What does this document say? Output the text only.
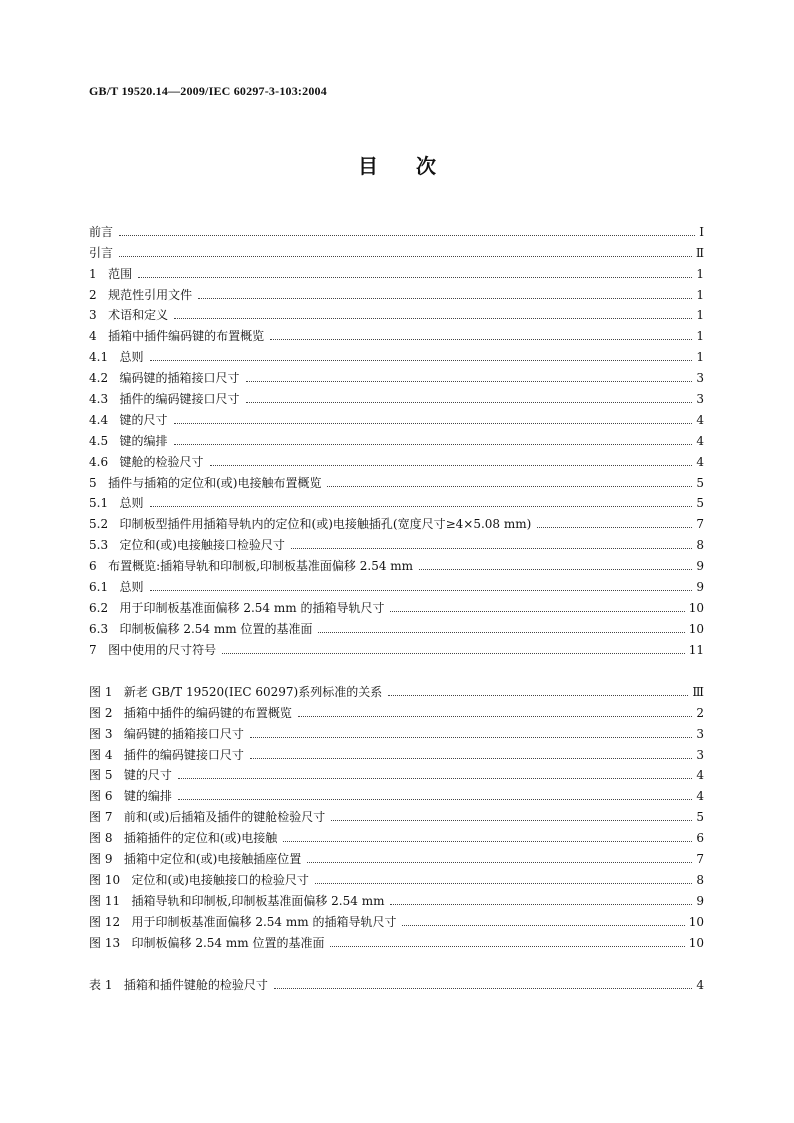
GB/T 19520.14—2009/IEC 60297-3-103:2004
目次
前言	Ⅰ
引言	Ⅱ
1 范围	1
2 规范性引用文件	1
3 术语和定义	1
4 插箱中插件编码键的布置概览	1
4.1 总则	1
4.2 编码键的插箱接口尺寸	3
4.3 插件的编码键接口尺寸	3
4.4 键的尺寸	4
4.5 键的编排	4
4.6 键舱的检验尺寸	4
5 插件与插箱的定位和(或)电接触布置概览	5
5.1 总则	5
5.2 印制板型插件用插箱导轨内的定位和(或)电接触插孔(宽度尺寸≥4×5.08 mm)	7
5.3 定位和(或)电接触接口检验尺寸	8
6 布置概览:插箱导轨和印制板,印制板基准面偏移 2.54 mm	9
6.1 总则	9
6.2 用于印制板基准面偏移 2.54 mm 的插箱导轨尺寸	10
6.3 印制板偏移 2.54 mm 位置的基准面	10
7 图中使用的尺寸符号	11
图 1 新老 GB/T 19520(IEC 60297)系列标准的关系	Ⅲ
图 2 插箱中插件的编码键的布置概览	2
图 3 编码键的插箱接口尺寸	3
图 4 插件的编码键接口尺寸	3
图 5 键的尺寸	4
图 6 键的编排	4
图 7 前和(或)后插箱及插件的键舱检验尺寸	5
图 8 插箱插件的定位和(或)电接触	6
图 9 插箱中定位和(或)电接触插座位置	7
图 10 定位和(或)电接触接口的检验尺寸	8
图 11 插箱导轨和印制板,印制板基准面偏移 2.54 mm	9
图 12 用于印制板基准面偏移 2.54 mm 的插箱导轨尺寸	10
图 13 印制板偏移 2.54 mm 位置的基准面	10
表 1 插箱和插件键舱的检验尺寸	4
